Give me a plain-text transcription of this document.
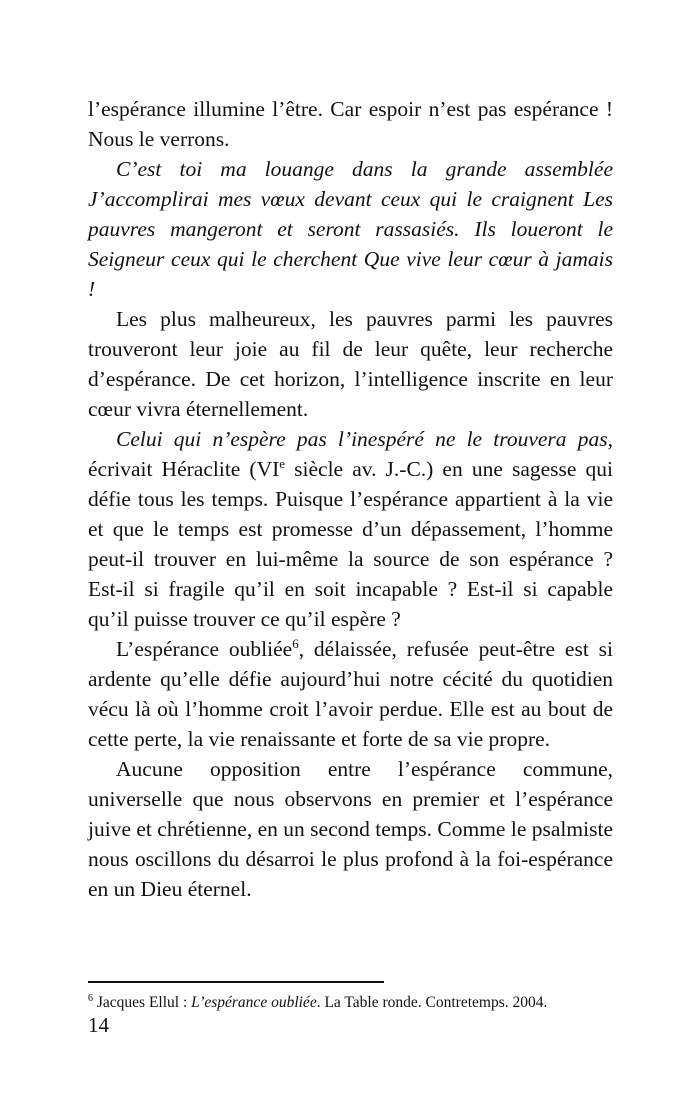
l’espérance illumine l’être. Car espoir n’est pas espérance ! Nous le verrons.

C’est toi ma louange dans la grande assemblée J’accomplirai mes vœux devant ceux qui le craignent Les pauvres mangeront et seront rassasiés. Ils loueront le Seigneur ceux qui le cherchent Que vive leur cœur à jamais !

Les plus malheureux, les pauvres parmi les pauvres trouveront leur joie au fil de leur quête, leur recherche d’espérance. De cet horizon, l’intelligence inscrite en leur cœur vivra éternellement.

Celui qui n’espère pas l’inespéré ne le trouvera pas, écrivait Héraclite (VIe siècle av. J.-C.) en une sagesse qui défie tous les temps. Puisque l’espérance appartient à la vie et que le temps est promesse d’un dépassement, l’homme peut-il trouver en lui-même la source de son espérance ? Est-il si fragile qu’il en soit incapable ? Est-il si capable qu’il puisse trouver ce qu’il espère ?

L’espérance oubliée$^6$, délaissée, refusée peut-être est si ardente qu’elle défie aujourd’hui notre cécité du quotidien vécu là où l’homme croit l’avoir perdue. Elle est au bout de cette perte, la vie renaissante et forte de sa vie propre.

Aucune opposition entre l’espérance commune, universelle que nous observons en premier et l’espérance juive et chrétienne, en un second temps. Comme le psalmiste nous oscillons du désarroi le plus profond à la foi-espérance en un Dieu éternel.

$^6$ Jacques Ellul : L’espérance oubliée. La Table ronde. Contretemps. 2004.
14
